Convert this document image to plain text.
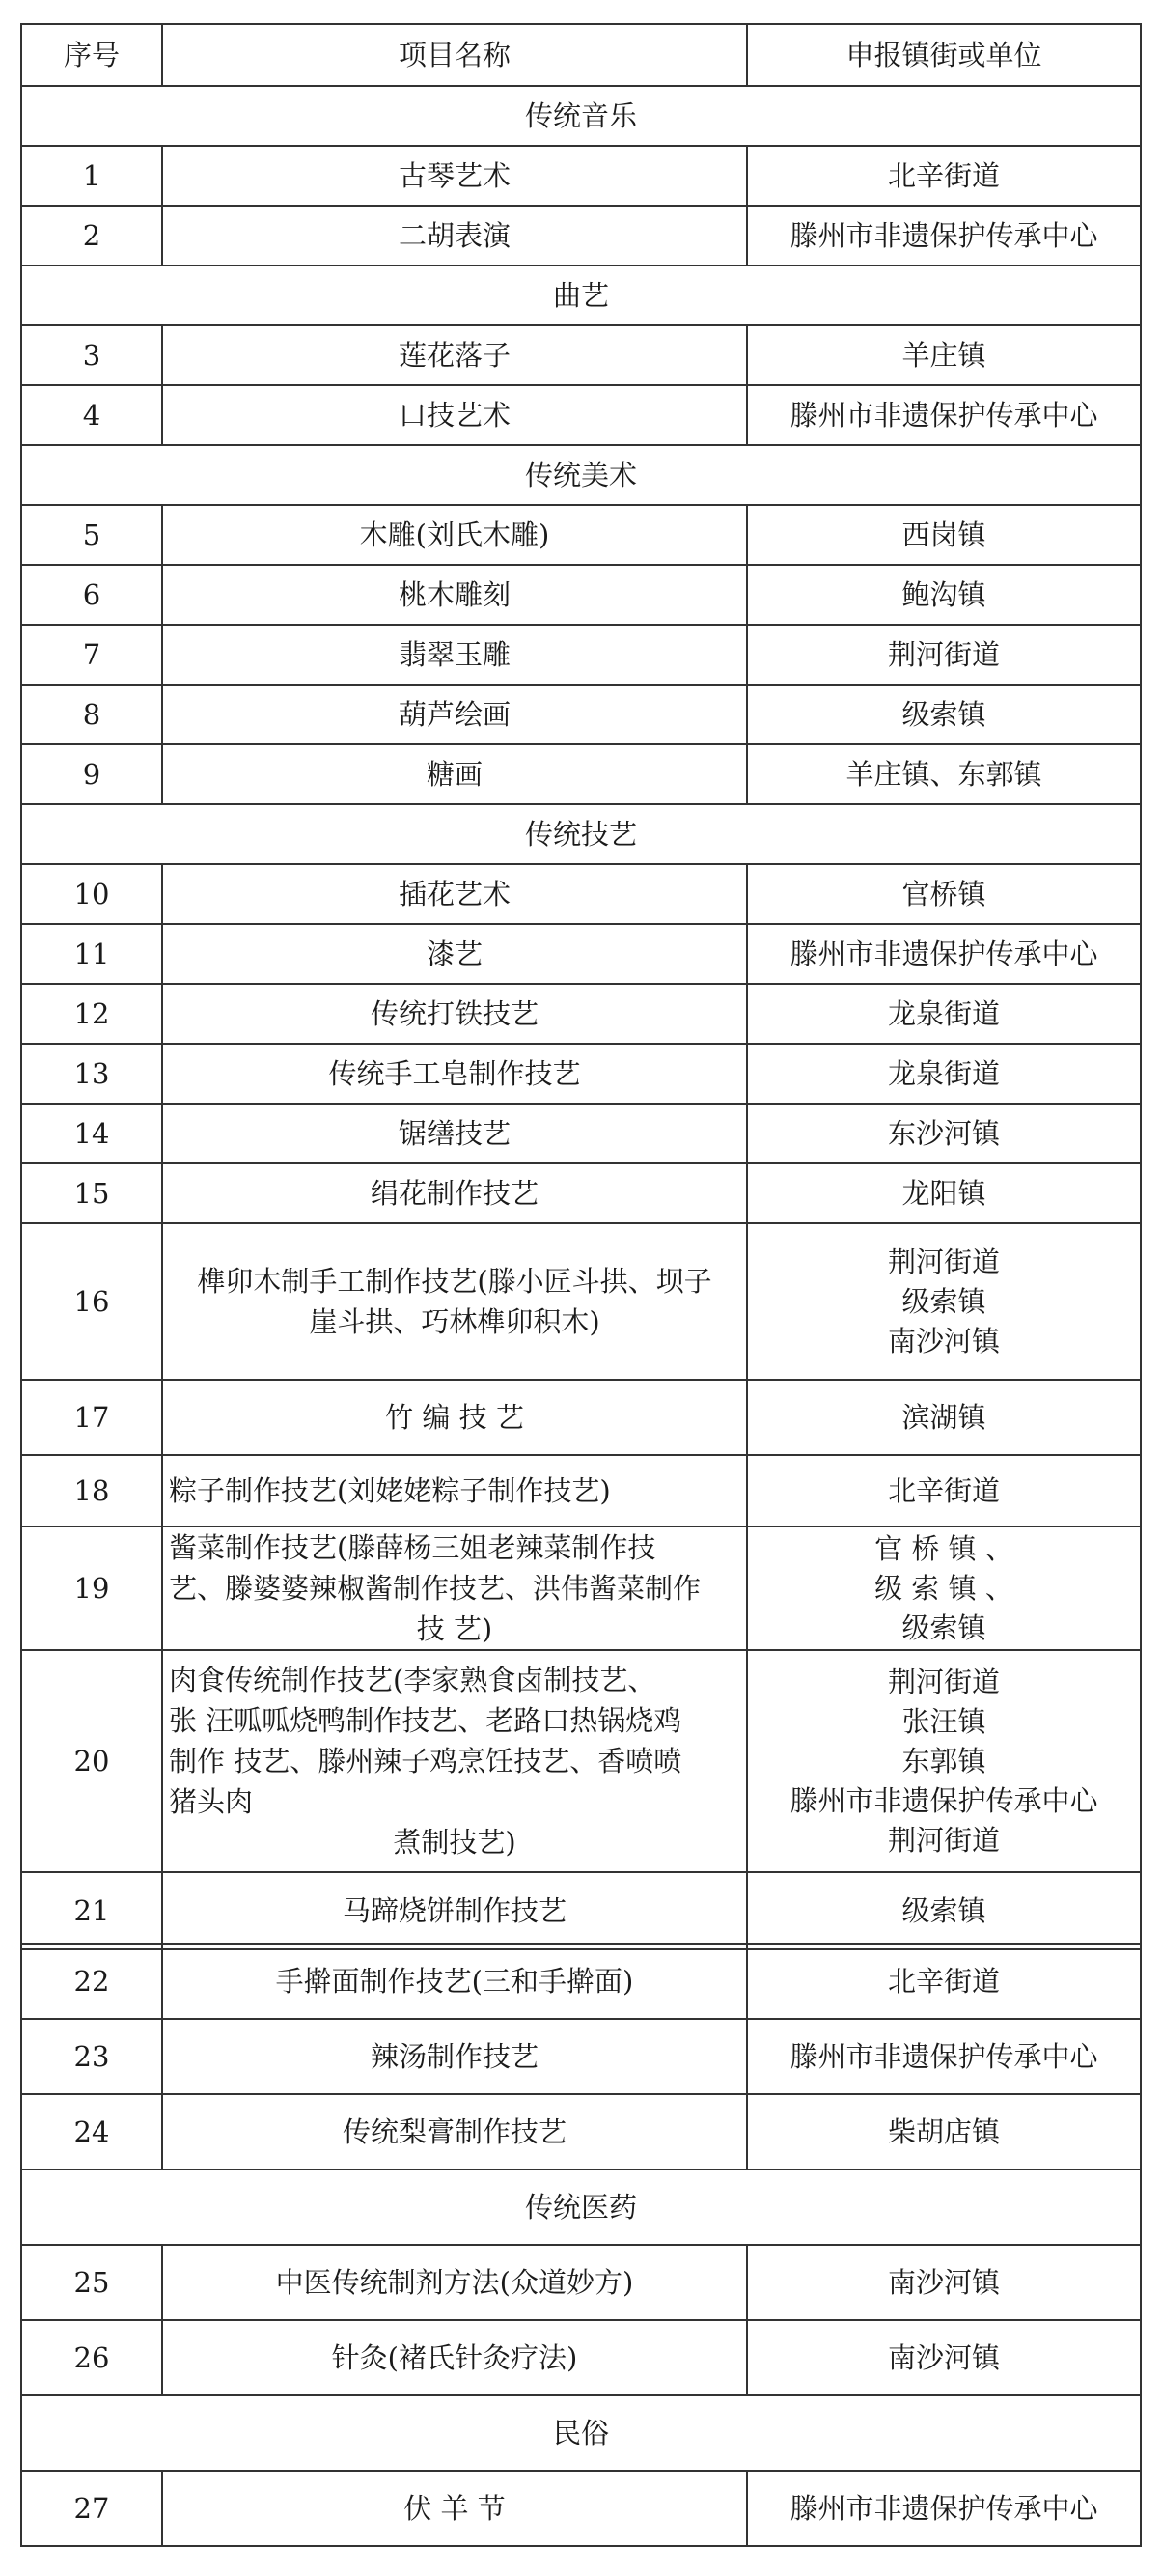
序号	项目名称	申报镇街或单位
传统音乐		
1	古琴艺术	北辛街道
2	二胡表演	滕州市非遗保护传承中心
曲艺		
3	莲花落子	羊庄镇
4	口技艺术	滕州市非遗保护传承中心
传统美术		
5	木雕(刘氏木雕)	西岗镇
6	桃木雕刻	鲍沟镇
7	翡翠玉雕	荆河街道
8	葫芦绘画	级索镇
9	糖画	羊庄镇、东郭镇
传统技艺		
10	插花艺术	官桥镇
11	漆艺	滕州市非遗保护传承中心
12	传统打铁技艺	龙泉街道
13	传统手工皂制作技艺	龙泉街道
14	锯缮技艺	东沙河镇
15	绢花制作技艺	龙阳镇
16	榫卯木制手工制作技艺(滕小匠斗拱、坝子
崖斗拱、巧林榫卯积木)	荆河街道
级索镇
南沙河镇

17	竹 编 技 艺	滨湖镇
18	粽子制作技艺(刘姥姥粽子制作技艺)	北辛街道
19	酱菜制作技艺(滕薛杨三姐老辣菜制作技
艺、滕婆婆辣椒酱制作技艺、洪伟酱菜制作
技 艺)	官 桥 镇 、
级 索 镇 、
级索镇

20	肉食传统制作技艺(李家熟食卤制技艺、
张 汪呱呱烧鸭制作技艺、老路口热锅烧鸡
制作 技艺、滕州辣子鸡烹饪技艺、香喷喷
猪头肉
煮制技艺)	荆河街道
张汪镇
东郭镇
滕州市非遗保护传承中心
荆河街道

21	马蹄烧饼制作技艺	级索镇
22	手擀面制作技艺(三和手擀面)	北辛街道
23	辣汤制作技艺	滕州市非遗保护传承中心
24	传统梨膏制作技艺	柴胡店镇
传统医药		
25	中医传统制剂方法(众道妙方)	南沙河镇
26	针灸(褚氏针灸疗法)	南沙河镇
民俗		
27	伏 羊 节	滕州市非遗保护传承中心
